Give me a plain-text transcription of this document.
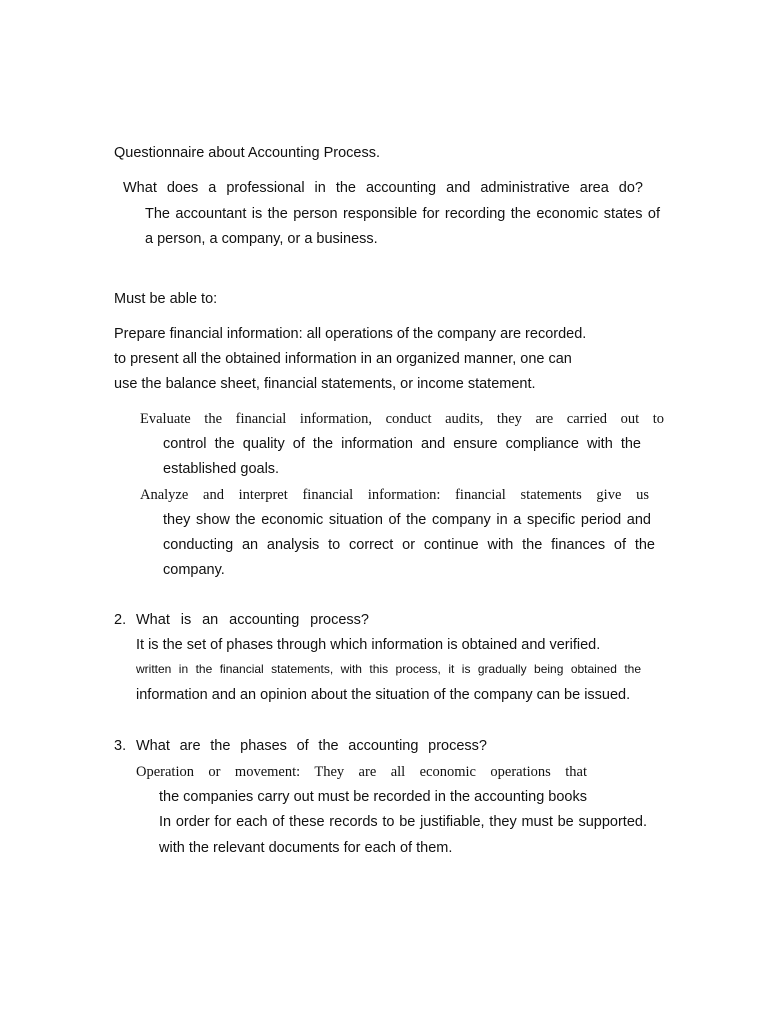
Questionnaire about Accounting Process.

What does a professional in the accounting and administrative area do?

The accountant is the person responsible for recording the economic states of

a person, a company, or a business.

Must be able to:

Prepare financial information: all operations of the company are recorded.

to present all the obtained information in an organized manner, one can

use the balance sheet, financial statements, or income statement.

Evaluate the financial information, conduct audits, they are carried out to

control the quality of the information and ensure compliance with the

established goals.

Analyze and interpret financial information: financial statements give us

they show the economic situation of the company in a specific period and

conducting an analysis to correct or continue with the finances of the

company.

2. What is an accounting process?

It is the set of phases through which information is obtained and verified.

written in the financial statements, with this process, it is gradually being obtained the

information and an opinion about the situation of the company can be issued.

3. What are the phases of the accounting process?

Operation or movement: They are all economic operations that

the companies carry out must be recorded in the accounting books

In order for each of these records to be justifiable, they must be supported.

with the relevant documents for each of them.
